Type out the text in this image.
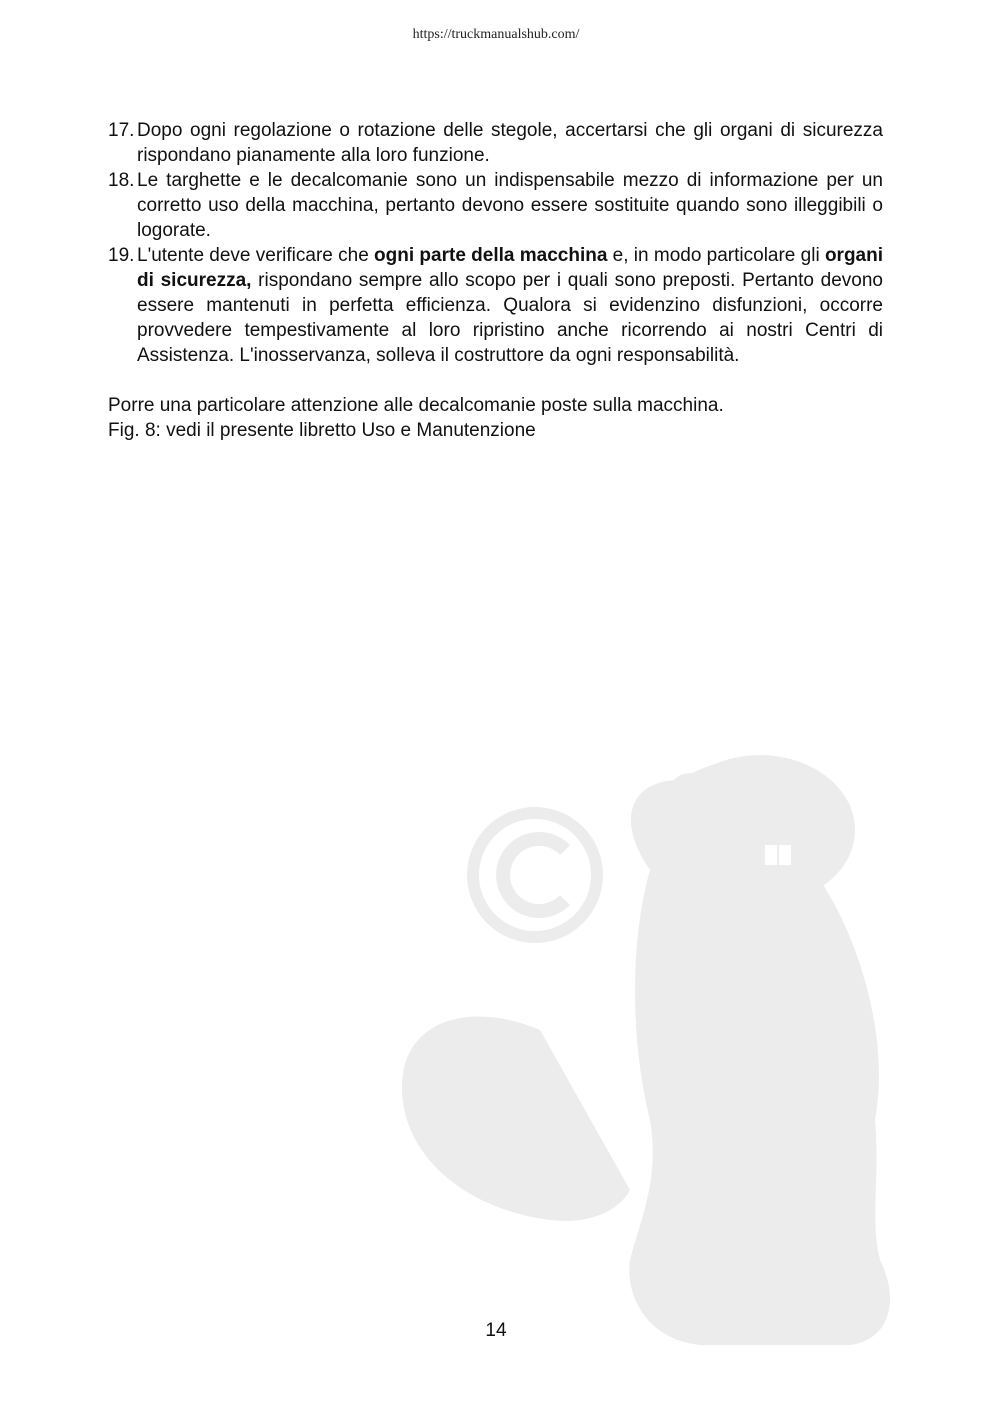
https://truckmanualshub.com/
17. Dopo ogni regolazione o rotazione delle stegole, accertarsi che gli organi di sicurezza rispondano pianamente alla loro funzione.
18. Le targhette e le decalcomanie sono un indispensabile mezzo di informazione per un corretto uso della macchina, pertanto devono essere sostituite quando sono illeggibili o logorate.
19. L'utente deve verificare che ogni parte della macchina e, in modo particolare gli organi di sicurezza, rispondano sempre allo scopo per i quali sono preposti. Pertanto devono essere mantenuti in perfetta efficienza. Qualora si evidenzino disfunzioni, occorre provvedere tempestivamente al loro ripristino anche ricorrendo ai nostri Centri di Assistenza. L'inosservanza, solleva il costruttore da ogni responsabilità.
Porre una particolare attenzione alle decalcomanie poste sulla macchina.
Fig. 8: vedi il presente libretto Uso e Manutenzione
14
